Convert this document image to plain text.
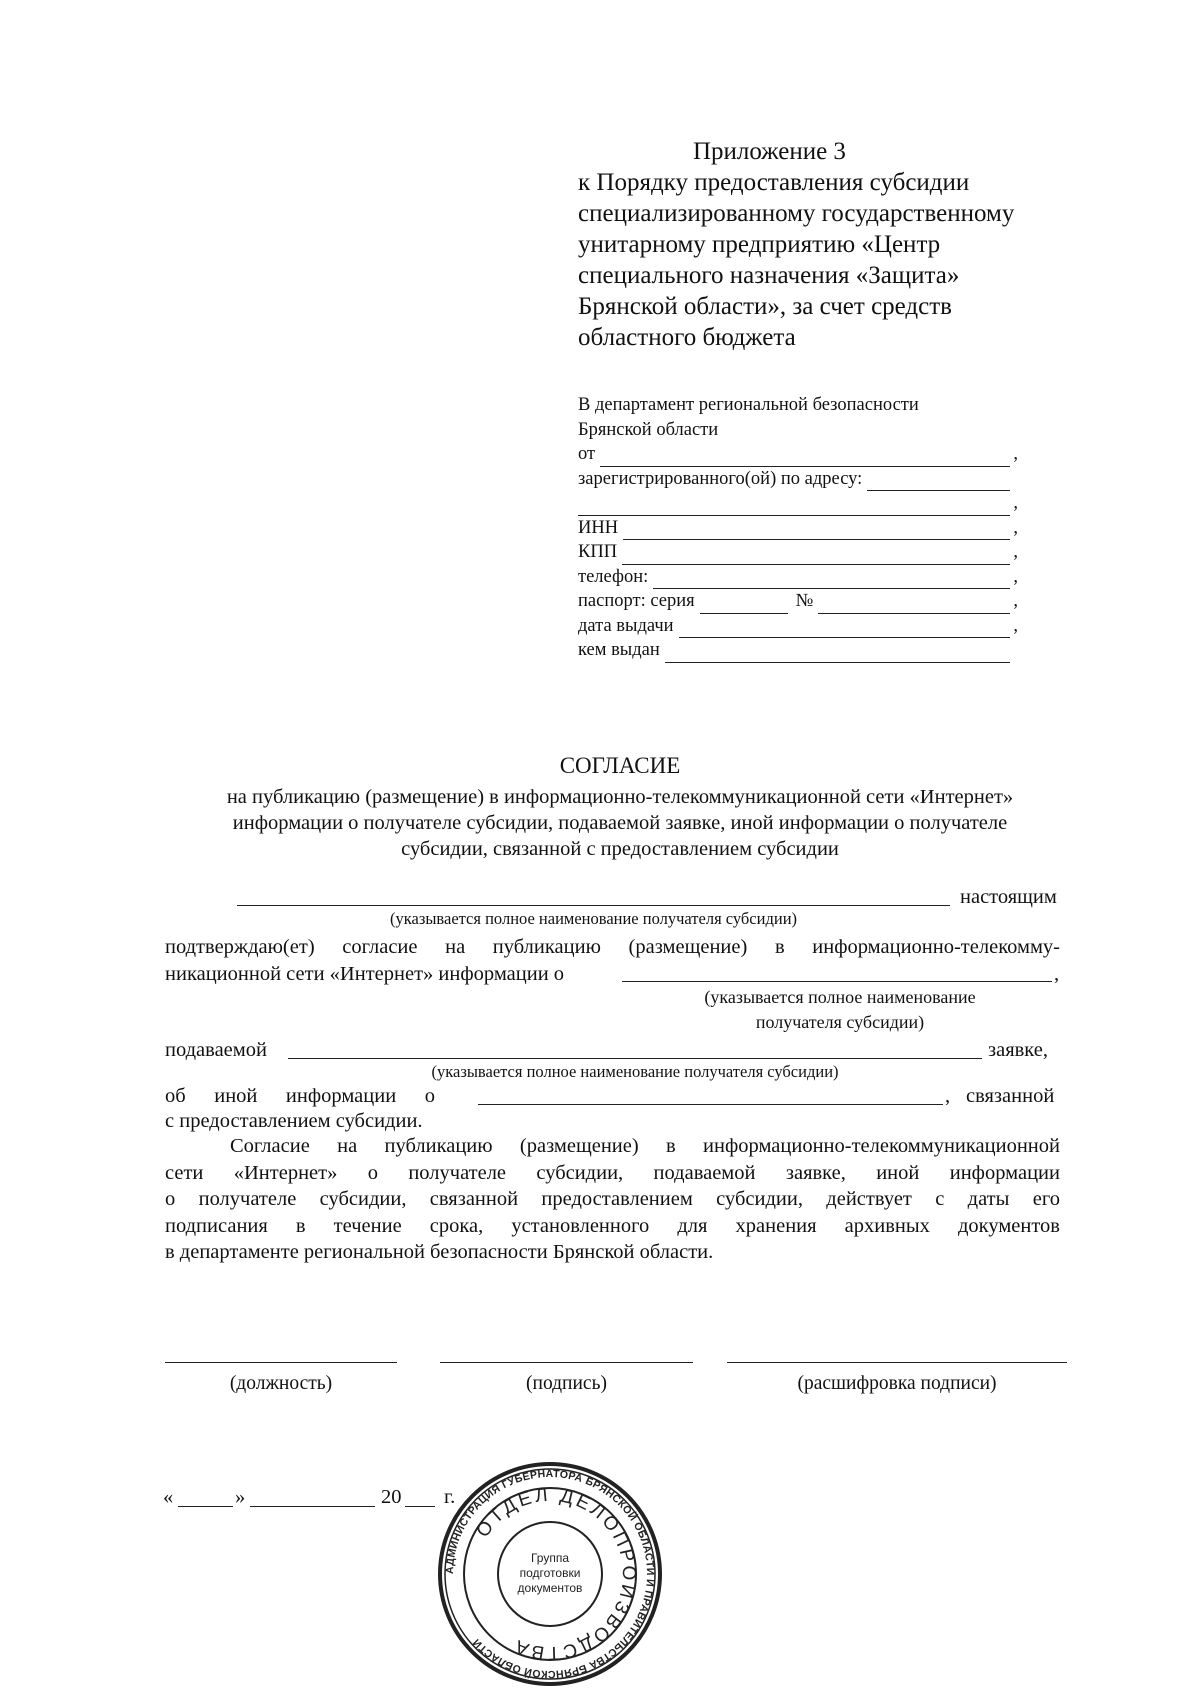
Приложение 3
к Порядку предоставления субсидии
специализированному государственному
унитарному предприятию «Центр
специального назначения «Защита»
Брянской области», за счет средств
областного бюджета
В департамент региональной безопасности
Брянской области
от	,
зарегистрированного(ой) по адресу:
,
ИНН	,
КПП	,
телефон:	,
паспорт: серия	№	,
дата выдачи	,
кем выдан
СОГЛАСИЕ
на публикацию (размещение) в информационно-телекоммуникационной сети «Интернет»
информации о получателе субсидии, подаваемой заявке, иной информации о получателе
субсидии, связанной с предоставлением субсидии
настоящим
(указывается полное наименование получателя субсидии)
подтверждаю(ет) согласие на публикацию (размещение) в информационно-телекомму-
никационной сети «Интернет» информации о	,
(указывается полное наименование
получателя субсидии)
подаваемой	заявке,
(указывается полное наименование получателя субсидии)
об иной информации о	, связанной
с предоставлением субсидии.
Согласие на публикацию (размещение) в информационно-телекоммуникационной
сети «Интернет» о получателе субсидии, подаваемой заявке, иной информации
о получателе субсидии, связанной предоставлением субсидии, действует с даты его
подписания в течение срока, установленного для хранения архивных документов
в департаменте региональной безопасности Брянской области.
(должность)	(подпись)	(расшифровка подписи)
«	»	20 г.
АДМИНИСТРАЦИЯ ГУБЕРНАТОРА БРЯНСКОЙ ОБЛАСТИ И ПРАВИТЕЛЬСТВА БРЯНСКОЙ ОБЛАСТИ
ОТДЕЛ ДЕЛОПРОИЗВОДСТВА
Группа
подготовки
документов
